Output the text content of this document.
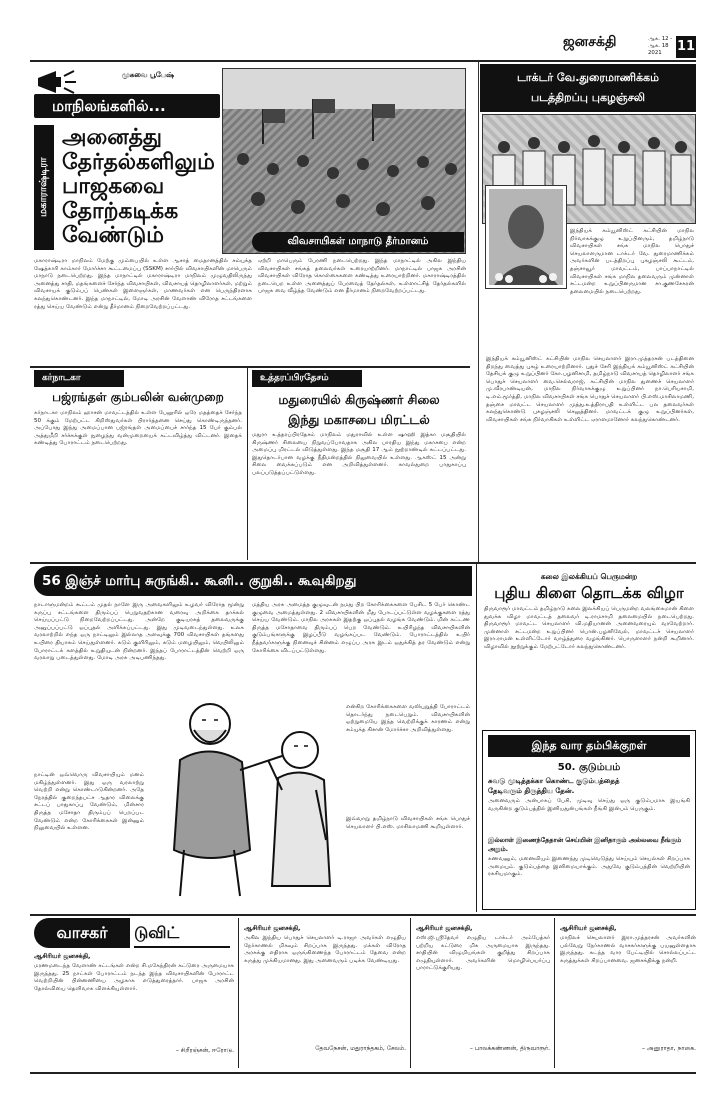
ஜனசக்தி	ஆக. 12 - ஆக. 18 2021	11
முகவை பூபேஷ்
மாநிலங்களில்...
மகாராஷ்டிரா
அனைத்து
தேர்தல்களிலும்
பாஜகவை
தோற்கடிக்க
வேண்டும்	விவசாயிகள் மாநாடு தீர்மானம்
மகாராஷ்டிரா மாநிலம் மேற்கு மும்பையில் உள்ள ஆசாத் மைதானத்தில் சம்யுக்த ஷேத்காரி காம்கார் மோர்ச்சா கூட்டமைப்பு (SSKM) சார்பில் விவசாயிகளின் மாபெரும் மாநாடு நடைபெற்றது. இந்த மாநாட்டில் மகாராஷ்டிரா மாநிலம் முழுவதிலிருந்து அனைத்து சாதி, மதங்களைச் சேர்ந்த விவசாயிகள், விவசாயத் தொழிலாளர்கள், மற்றும் விவசாயக் குடும்பப் பெண்கள் இளைஞர்கள், மாணவர்கள் என பெருந்திரளாக கலந்துகொண்டனர். இந்த மாநாட்டில், மோடி அரசின் வேளாண் விரோத சட்டங்களை ரத்து செய்ய வேண்டும் என்று தீர்மானம் நிறைவேற்றப்பட்டது.
ஏற்றி மாபெரும் பேரணி நடைபெற்றது. இந்த மாநாட்டில் அகில இந்திய விவசாயிகள் சங்கத் தலைவர்கள் உரையாற்றினர். மாநாட்டில் பாஜக அரசின் விவசாயிகள் விரோத கொள்கைகளை கண்டித்து உரையாற்றினர். மகாராஷ்டிரத்தில் நடைபெற உள்ள அனைத்துப் பேரவைத் தேர்தல்கள், உள்ளாட்சித் தேர்தல்களில் பாஜக வை வீழ்த்த வேண்டும் என தீர்மானம் நிறைவேற்றப்பட்டது.
கர்நாடகா
பஜ்ரங்தள் கும்பலின் வன்முறை
கர்நாடகா மாநிலம் ஹாசன் மாவட்டத்தில் உள்ள பேலூரில் ஒரே மதத்தைச் சேர்ந்த 50 க்கும் மேற்பட்ட கிறிஸ்துவர்கள் பிரார்த்தனை செய்து கொண்டிருந்தனர். அப்போது இந்து அமைப்பான பஜ்ரங்தள் அமைப்பைச் சார்ந்த 15 பேர் கும்பல் அத்துமீறி சர்ச்சுக்குள் நுழைந்து வன்முறையைக் கட்டவிழ்த்து விட்டனர். இதைக் கண்டித்து போராட்டம் நடைபெற்றது.
உத்தரப்பிரதேசம்
மதுரையில் கிருஷ்ணர் சிலை
இந்து மகாசபை மிரட்டல்
மதுரா உத்தரப்பிரதேசம் மாநிலம் மதுராவில் உள்ள ஷாஹி இத்கா மசூதியில் கிருஷ்ணர் சிலையை நிறுவப்போவதாக அகில பாரதிய இந்து மகாசபை என்ற அமைப்பு மிரட்டல் விடுத்துள்ளது. இந்த மசூதி 17 ஆம் நூற்றாண்டில் கட்டப்பட்டது. இதுதொடர்பான வழக்கு நீதிமன்றத்தில் நிலுவையில் உள்ளது. ஆகஸ்ட் 15 அன்று சிலை வைக்கப்படும் என அறிவித்துள்ளனர். காவல்துறை பாதுகாப்பு பலப்படுத்தப்பட்டுள்ளது.
டாக்டர் வே.துரைமாணிக்கம்
படத்திறப்பு புகழஞ்சலி
இந்தியக் கம்யூனிஸ்ட் கட்சியின் மாநில நிர்வாகக்குழு உறுப்பினரும், தமிழ்நாடு விவசாயிகள் சங்க மாநில பொதுச் செயலாளருமான டாக்டர் வே. துரைமாணிக்கம் அவர்களின் படத்திறப்பு புகழஞ்சலி கூட்டம், தஞ்சாவூர் மாவட்டம், பாப்பாநாட்டில் விவசாயிகள் சங்க மாநில தலைவரும் முன்னாள் சட்டமன்ற உறுப்பினருமான சா.குணசேகரன் தலைமையில் நடைபெற்றது.
இந்தியக் கம்யூனிஸ்ட் கட்சியின் மாநில செயலாளர் இரா.முத்தரசன் படத்தினை திறந்து வைத்து புகழ் உரையாற்றினார். புதுச் சேரி இந்தியக் கம்யூனிஸ்ட் கட்சியின் தேசியக் குழு உறுப்பினர் கோ.பழனிசாமி, தமிழ்நாடு விவசாயத் தொழிலாளர் சங்க பொதுச் செயலாளர் வை.செல்வராஜ், கட்சியின் மாநில துணைச் செயலாளர் மு.வீரபாண்டியன், மாநில நிர்வாகக்குழு உறுப்பினர் நா.பெரியசாமி, டி.எம்.மூர்த்தி, மாநில விவசாயிகள் சங்க பொதுச் செயலாளர் பி.எஸ்.மாசிலாமணி, தஞ்சை மாவட்ட செயலாளர் முத்து.உத்திராபதி உள்ளிட்ட பல தலைவர்கள் கலந்துகொண்டு புகழஞ்சலி செலுத்தினர். மாவட்டக் குழு உறுப்பினர்கள், விவசாயிகள் சங்க நிர்வாகிகள் உள்ளிட்ட ஏராளமானோர் கலந்துகொண்டனர்.
56 இஞ்ச் மார்பு சுருங்கி.. கூனி.. குறுகி.. கூவுகிறது
நாடாளுமன்றம் கூட்டம் முதல் நாளே இரு அவைகளிலும் உழவர் விரோத மூன்று கருப்பு சட்டங்களை திரும்பப் பெறுவதற்கான வரைவு அறிக்கை தாக்கல் செய்யப்பட்டு நிறைவேற்றப்பட்டது. அன்றே குடியரசுத் தலைவருக்கு அனுப்பப்பட்டு ஒப்புதல் அளிக்கப்பட்டது. இது முடிவடைந்துள்ளது. உலக வரலாற்றில் எந்த ஒரு நாட்டிலும் இல்லாத அளவுக்கு 700 விவசாயிகள் தங்களது உயிரை தியாகம் செய்துள்ளனர். கடும் குளிரிலும், கடும் மழையிலும், வெயிலிலும் போராட்டக் களத்தில் உறுதியுடன் நின்றனர். இந்தப் போராட்டத்தின் வெற்றி ஒரு வரலாறு படைத்துள்ளது. மோடி அரசு அடிபணிந்தது.
நாட்டின் ஒவ்வொரு விவசாயியும் மனம் மகிழ்ந்துள்ளனர். இது ஒரு வரலாற்று வெற்றி என்று கொண்டாடுகின்றனர். அதே நேரத்தில் குறைந்தபட்ச ஆதார விலைக்கு சட்டப் பாதுகாப்பு வேண்டும், மின்சார திருத்த மசோதா திரும்பப் பெறப்பட வேண்டும் என்ற கோரிக்கைகள் இன்னும் நிலுவையில் உள்ளன.
மத்திய அரசு அமைத்த குழுவுடன் நமது பிற கோரிக்கைகளை பேசிட 5 பேர் கொண்ட குழுவை அமைத்துள்ளது. 2 விவசாயிகளின் மீது போடப்பட்டுள்ள வழக்குகளை ரத்து செய்ய வேண்டும். மாநில அரசுகள் இதற்கு ஒப்புதல் வழங்க வேண்டும். மின் கட்டண திருத்த மசோதாவை திரும்பப் பெற வேண்டும். உயிரிழந்த விவசாயிகளின் குடும்பங்களுக்கு இழப்பீடு வழங்கப்பட வேண்டும். போராட்டத்தில் உயிர் நீத்தவர்களுக்கு நினைவுச் சின்னம் எழுப்ப அரசு இடம் ஒதுக்கித் தர வேண்டும் என்று கோரிக்கை விடப்பட்டுள்ளது.
என்கிற கோரிக்கைகளை வலியுறுத்தி போராட்டம் தொடர்ந்து நடைபெறும். விவசாயிகளின் ஒற்றுமையே இந்த வெற்றிக்குக் காரணம் என்று சம்யுக்த கிசான் மோர்ச்சா அறிவித்துள்ளது.
இவ்வாறு தமிழ்நாடு விவசாயிகள் சங்க பொதுச் செயலாளர் பி.எஸ். மாசிலாமணி கூறியுள்ளார்.
கலை இலக்கியப் பெருமன்ற
புதிய கிளை தொடக்க விழா
திருவாரூர் மாவட்டம் தமிழ்நாடு கலை இலக்கியப் பெருமன்ற வலங்கைமான் கிளை துவக்க விழா மாவட்டத் தலைவர் டி.ராமசாமி தலைமையில் நடைபெற்றது. திருவாரூர் மாவட்ட செயலாளர் வி.மதியானன் அனைவரையும் வரவேற்றார். முன்னாள் சட்டமன்ற உறுப்பினர் பொன்.பழனிவேல், மாவட்டச் செயலாளர் இரா.ராமன் உள்ளிட்டோர் வாழ்த்துரை வழங்கினர். பொருளாளர் நன்றி கூறினார். விழாவில் நூற்றுக்கும் மேற்பட்டோர் கலந்துகொண்டனர்.
இந்த வார தம்பிக்குறள்
50. குடும்பம்
சுவடு முடித்தக்கா கொண்ட குடும்பத்தைத்
தேடிவரும் திருத்திய தேன்.
அனைவரும் அன்பாகப் பேசி, முடிவு செய்து ஒரு குடும்பமாக இயங்கி வருகின்ற குடும்பத்தில் இனியதுன்பங்கள் நீங்கி இன்பம் பெருகும்.
இல்லாள் இணைந்தேதான் செய்யின் இனிதாகும் அல்லவை நீங்கும் அறும்.
கணவனும், மனைவியும் இணைந்து முடிவெடுத்து செய்யும் செயல்கள் சிறப்பாக அமையும். குடும்பத்தை இனிமையாக்கும். அதுவே குடும்பத்தின் வெற்றியின் ரகசியமாகும்.
வாசகர்	டுவிட்
ஆசிரியர் ஜனசக்தி,
மரணமடைந்த வேளாண் சட்டங்கள் என்ற சி.மகேந்திரன் கட்டுரை அருமையாக இருந்தது. 25 நாட்கள் போராட்டம் நடந்த இந்த விவசாயிகளின் போராட்ட வெற்றியின் பின்னணியை அழகாக எடுத்துரைத்தார். பாஜக அரசின் தோல்வியை தெளிவாக விளக்கியுள்ளார்.
– சிறீரஞ்சன், ஈரோடு.
ஆசிரியர் ஜனசக்தி,
அகில இந்திய பொதுச் செயலாளர் டி.ராஜா அவர்கள் எழுதிய நேர்காணல் மிகவும் சிறப்பாக இருந்தது. மக்கள் விரோத அரசுக்கு எதிராக ஒருங்கிணைந்த போராட்டம் தேவை என்ற கருத்து முக்கியமானது. இது அனைவரும் படிக்க வேண்டியது.
தேவநேசன், மதுராந்தகம், சேலம்.
ஆசிரியர் ஜனசக்தி,
எஸ்.ஜி.ஸ்ரீதேவர் எழுதிய டாக்டர் அம்பேத்கர் பற்றிய கட்டுரை மிக அருமையாக இருந்தது. சாதியின் விழுமியங்கள் குறித்து சிறப்பாக எழுதியுள்ளார். அவர்களின் மொழிபெயர்ப்பு பாராட்டுக்குரியது.
– பாலக்கண்ணன், திருவாரூர்.
ஆசிரியர் ஜனசக்தி,
மாநிலச் செயலாளர் இரா.முத்தரசன் அவர்களின் பல்வேறு நேர்காணல் வாசகர்களுக்கு பயனுள்ளதாக இருந்தது. கடந்த வார பேட்டியில் சொல்லப்பட்ட கருத்துக்கள் சிறப்பானவை. ஜனசக்திக்கு நன்றி.
– அனுராதா, நாகை.
